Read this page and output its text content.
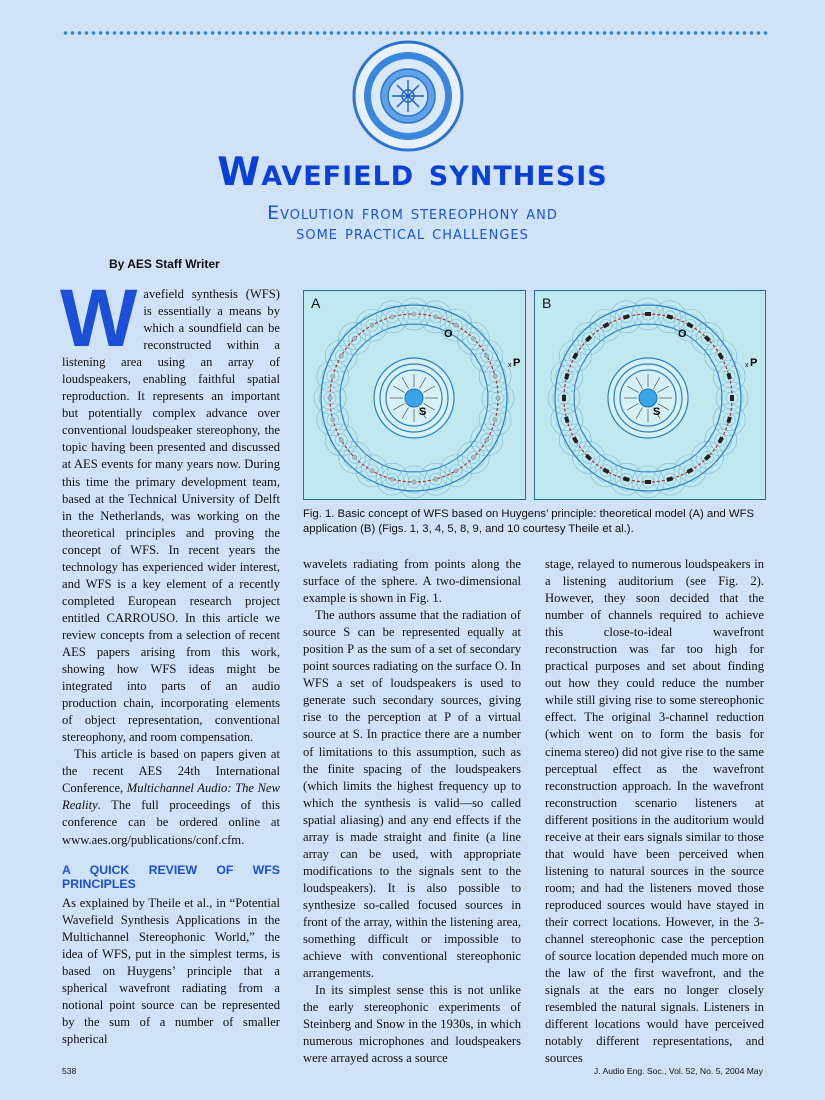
Wavefield synthesis
Evolution from stereophony and
some practical challenges
By AES Staff Writer

Wavefield synthesis (WFS) is essentially a means by which a soundfield can be reconstructed within a listening area using an array of loudspeakers, enabling faithful spatial reproduction. It represents an important but potentially complex advance over conventional loudspeaker stereophony, the topic having been presented and discussed at AES events for many years now. During this time the primary development team, based at the Technical University of Delft in the Netherlands, was working on the theoretical principles and proving the concept of WFS. In recent years the technology has experienced wider interest, and WFS is a key element of a recently completed European research project entitled CARROUSO. In this article we review concepts from a selection of recent AES papers arising from this work, showing how WFS ideas might be integrated into parts of an audio production chain, incorporating elements of object representation, conventional stereophony, and room compensation.

This article is based on papers given at the recent AES 24th International Conference, Multichannel Audio: The New Reality. The full proceedings of this conference can be ordered online at www.aes.org/publications/conf.cfm.

A QUICK REVIEW OF WFS PRINCIPLES

As explained by Theile et al., in “Potential Wavefield Synthesis Applications in the Multichannel Stereophonic World,” the idea of WFS, put in the simplest terms, is based on Huygens’ principle that a spherical wavefront radiating from a notional point source can be represented by the sum of a number of smaller spherical

A
S
O
x P
B
S
O
x P
Fig. 1. Basic concept of WFS based on Huygens’ principle: theoretical model (A) and WFS application (B) (Figs. 1, 3, 4, 5, 8, 9, and 10 courtesy Theile et al.).

wavelets radiating from points along the surface of the sphere. A two-dimensional example is shown in Fig. 1.

The authors assume that the radiation of source S can be represented equally at position P as the sum of a set of secondary point sources radiating on the surface O. In WFS a set of loudspeakers is used to generate such secondary sources, giving rise to the perception at P of a virtual source at S. In practice there are a number of limitations to this assumption, such as the finite spacing of the loudspeakers (which limits the highest frequency up to which the synthesis is valid—so called spatial aliasing) and any end effects if the array is made straight and finite (a line array can be used, with appropriate modifications to the signals sent to the loudspeakers). It is also possible to synthesize so-called focused sources in front of the array, within the listening area, something difficult or impossible to achieve with conventional stereophonic arrangements.

In its simplest sense this is not unlike the early stereophonic experiments of Steinberg and Snow in the 1930s, in which numerous microphones and loudspeakers were arrayed across a source

stage, relayed to numerous loudspeakers in a listening auditorium (see Fig. 2). However, they soon decided that the number of channels required to achieve this close-to-ideal wavefront reconstruction was far too high for practical purposes and set about finding out how they could reduce the number while still giving rise to some stereophonic effect. The original 3-channel reduction (which went on to form the basis for cinema stereo) did not give rise to the same perceptual effect as the wavefront reconstruction approach. In the wavefront reconstruction scenario listeners at different positions in the auditorium would receive at their ears signals similar to those that would have been perceived when listening to natural sources in the source room; and had the listeners moved those reproduced sources would have stayed in their correct locations. However, in the 3-channel stereophonic case the perception of source location depended much more on the law of the first wavefront, and the signals at the ears no longer closely resembled the natural signals. Listeners in different locations would have perceived notably different representations, and sources

538	J. Audio Eng. Soc., Vol. 52, No. 5, 2004 May
